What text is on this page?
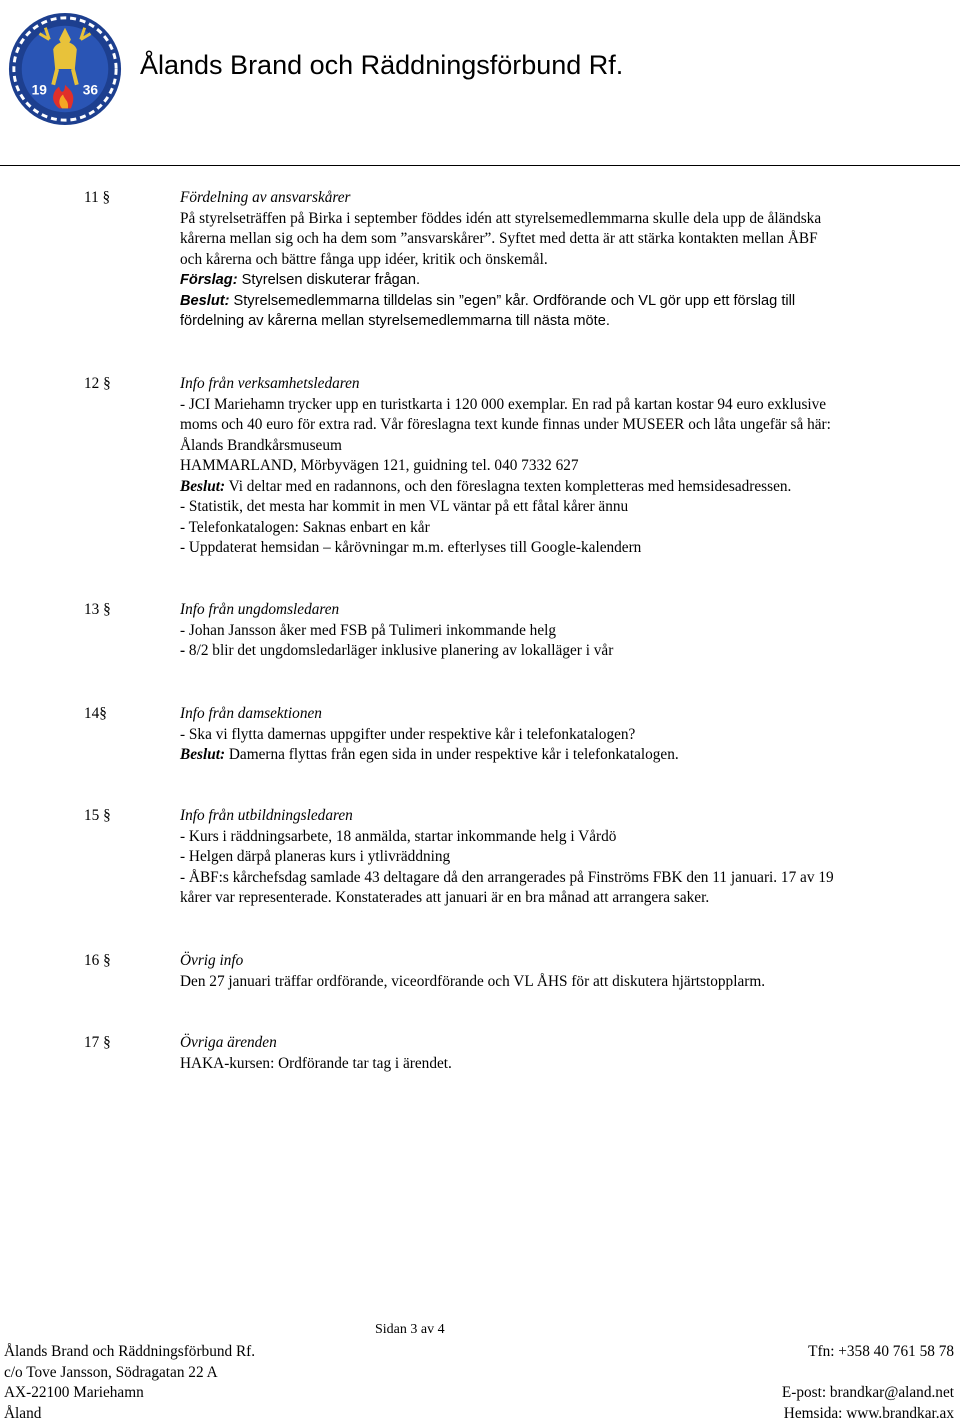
19	36
Ålands Brand och Räddningsförbund Rf.
11 §	Fördelning av ansvarskårer
På styrelseträffen på Birka i september föddes idén att styrelsemedlemmarna skulle dela upp de åländska
kårerna mellan sig och ha dem som ”ansvarskårer”. Syftet med detta är att stärka kontakten mellan ÅBF
och kårerna och bättre fånga upp idéer, kritik och önskemål.
Förslag: Styrelsen diskuterar frågan.
Beslut: Styrelsemedlemmarna tilldelas sin ”egen” kår. Ordförande och VL gör upp ett förslag till
fördelning av kårerna mellan styrelsemedlemmarna till nästa möte.
12 §	Info från verksamhetsledaren
- JCI Mariehamn trycker upp en turistkarta i 120 000 exemplar. En rad på kartan kostar 94 euro exklusive
moms och 40 euro för extra rad. Vår föreslagna text kunde finnas under MUSEER och låta ungefär så här:
Ålands Brandkårsmuseum
HAMMARLAND, Mörbyvägen 121, guidning tel. 040 7332 627
Beslut: Vi deltar med en radannons, och den föreslagna texten kompletteras med hemsidesadressen.
- Statistik, det mesta har kommit in men VL väntar på ett fåtal kårer ännu
- Telefonkatalogen: Saknas enbart en kår
- Uppdaterat hemsidan – kårövningar m.m. efterlyses till Google-kalendern
13 §	Info från ungdomsledaren
- Johan Jansson åker med FSB på Tulimeri inkommande helg
- 8/2 blir det ungdomsledarläger inklusive planering av lokalläger i vår
14§	Info från damsektionen
- Ska vi flytta damernas uppgifter under respektive kår i telefonkatalogen?
Beslut: Damerna flyttas från egen sida in under respektive kår i telefonkatalogen.
15 §	Info från utbildningsledaren
- Kurs i räddningsarbete, 18 anmälda, startar inkommande helg i Vårdö
- Helgen därpå planeras kurs i ytlivräddning
- ÅBF:s kårchefsdag samlade 43 deltagare då den arrangerades på Finströms FBK den 11 januari. 17 av 19
kårer var representerade. Konstaterades att januari är en bra månad att arrangera saker.
16 §	Övrig info
Den 27 januari träffar ordförande, viceordförande och VL ÅHS för att diskutera hjärtstopplarm.
17 §	Övriga ärenden
HAKA-kursen: Ordförande tar tag i ärendet.
Sidan 3 av 4
Ålands Brand och Räddningsförbund Rf.
c/o Tove Jansson, Södragatan 22 A
AX-22100 Mariehamn
Åland
Tfn: +358 40 761 58 78

E-post: brandkar@aland.net
Hemsida: www.brandkar.ax
